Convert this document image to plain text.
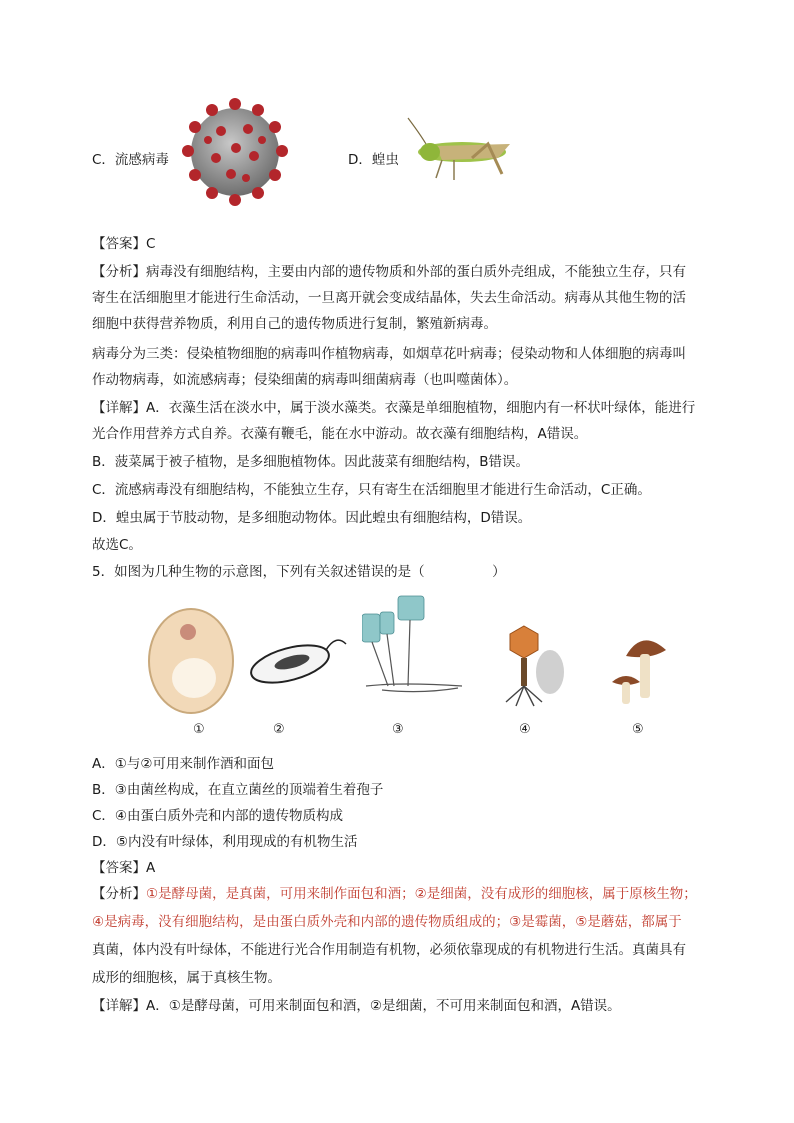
C．流感病毒	D．蝗虫
【答案】C
【分析】病毒没有细胞结构，主要由内部的遗传物质和外部的蛋白质外壳组成，不能独立生存，只有
寄生在活细胞里才能进行生命活动，一旦离开就会变成结晶体，失去生命活动。病毒从其他生物的活
细胞中获得营养物质，利用自己的遗传物质进行复制，繁殖新病毒。
病毒分为三类：侵染植物细胞的病毒叫作植物病毒，如烟草花叶病毒；侵染动物和人体细胞的病毒叫
作动物病毒，如流感病毒；侵染细菌的病毒叫细菌病毒（也叫噬菌体）。
【详解】A．衣藻生活在淡水中，属于淡水藻类。衣藻是单细胞植物，细胞内有一杯状叶绿体，能进行
光合作用营养方式自养。衣藻有鞭毛，能在水中游动。故衣藻有细胞结构，A错误。
B．菠菜属于被子植物，是多细胞植物体。因此菠菜有细胞结构，B错误。
C．流感病毒没有细胞结构，不能独立生存，只有寄生在活细胞里才能进行生命活动，C正确。
D．蝗虫属于节肢动物，是多细胞动物体。因此蝗虫有细胞结构，D错误。
故选C。
5．如图为几种生物的示意图，下列有关叙述错误的是（　　　　　）
①	②	③	④	⑤
A．①与②可用来制作酒和面包
B．③由菌丝构成，在直立菌丝的顶端着生着孢子
C．④由蛋白质外壳和内部的遗传物质构成
D．⑤内没有叶绿体，利用现成的有机物生活
【答案】A
【分析】①是酵母菌，是真菌，可用来制作面包和酒；②是细菌，没有成形的细胞核，属于原核生物；
④是病毒，没有细胞结构，是由蛋白质外壳和内部的遗传物质组成的；③是霉菌，⑤是蘑菇，都属于
真菌，体内没有叶绿体，不能进行光合作用制造有机物，必须依靠现成的有机物进行生活。真菌具有
成形的细胞核，属于真核生物。
【详解】A．①是酵母菌，可用来制面包和酒，②是细菌，不可用来制面包和酒，A错误。
